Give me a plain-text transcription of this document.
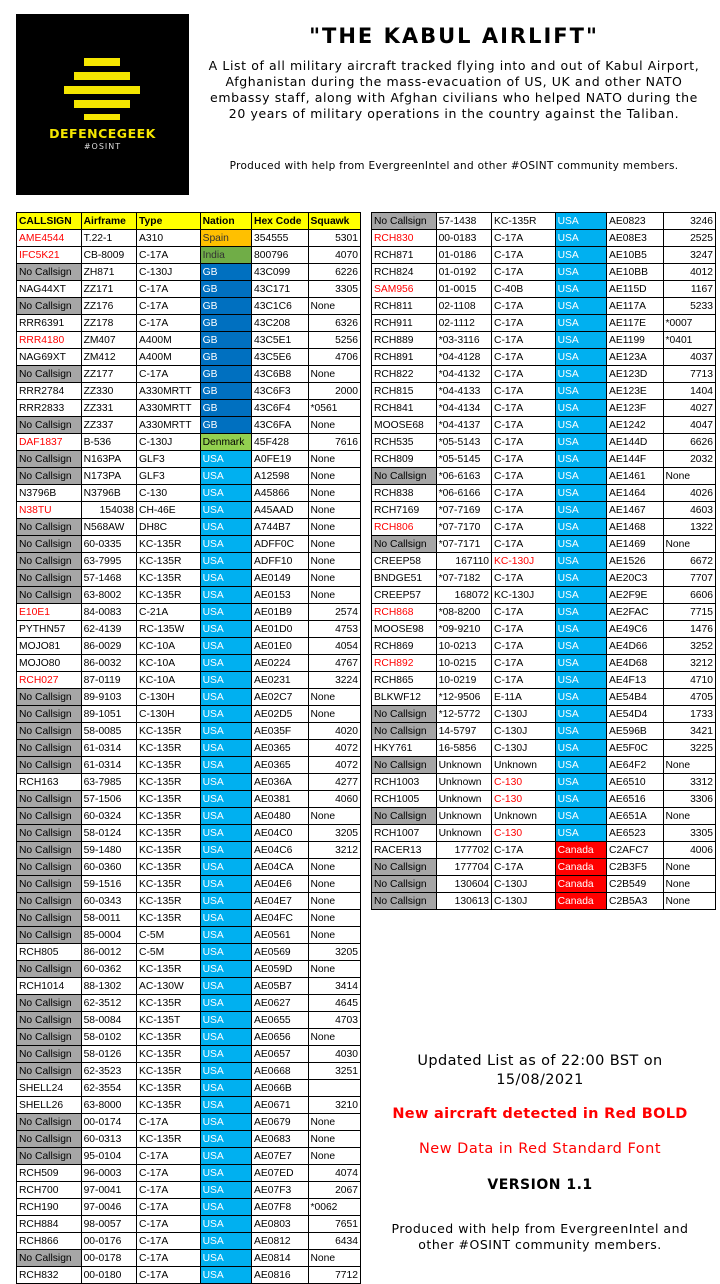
DEFENCEGEEK
#OSINT
"THE KABUL AIRLIFT"
A List of all military aircraft tracked flying into and out of Kabul Airport, Afghanistan during the mass-evacuation of US, UK and other NATO embassy staff, along with Afghan civilians who helped NATO during the 20 years of military operations in the country against the Taliban.
Produced with help from EvergreenIntel and other #OSINT community members.
CALLSIGN	Airframe	Type	Nation	Hex Code	Squawk
AME4544	T.22-1	A310	Spain	354555	5301
IFC5K21	CB-8009	C-17A	India	800796	4070
No Callsign	ZH871	C-130J	GB	43C099	6226
NAG44XT	ZZ171	C-17A	GB	43C171	3305
No Callsign	ZZ176	C-17A	GB	43C1C6	None
RRR6391	ZZ178	C-17A	GB	43C208	6326
RRR4180	ZM407	A400M	GB	43C5E1	5256
NAG69XT	ZM412	A400M	GB	43C5E6	4706
No Callsign	ZZ177	C-17A	GB	43C6B8	None
RRR2784	ZZ330	A330MRTT	GB	43C6F3	2000
RRR2833	ZZ331	A330MRTT	GB	43C6F4	*0561
No Callsign	ZZ337	A330MRTT	GB	43C6FA	None
DAF1837	B-536	C-130J	Denmark	45F428	7616
No Callsign	N163PA	GLF3	USA	A0FE19	None
No Callsign	N173PA	GLF3	USA	A12598	None
N3796B	N3796B	C-130	USA	A45866	None
N38TU	154038	CH-46E	USA	A45AAD	None
No Callsign	N568AW	DH8C	USA	A744B7	None
No Callsign	60-0335	KC-135R	USA	ADFF0C	None
No Callsign	63-7995	KC-135R	USA	ADFF10	None
No Callsign	57-1468	KC-135R	USA	AE0149	None
No Callsign	63-8002	KC-135R	USA	AE0153	None
E10E1	84-0083	C-21A	USA	AE01B9	2574
PYTHN57	62-4139	RC-135W	USA	AE01D0	4753
MOJO81	86-0029	KC-10A	USA	AE01E0	4054
MOJO80	86-0032	KC-10A	USA	AE0224	4767
RCH027	87-0119	KC-10A	USA	AE0231	3224
No Callsign	89-9103	C-130H	USA	AE02C7	None
No Callsign	89-1051	C-130H	USA	AE02D5	None
No Callsign	58-0085	KC-135R	USA	AE035F	4020
No Callsign	61-0314	KC-135R	USA	AE0365	4072
No Callsign	61-0314	KC-135R	USA	AE0365	4072
RCH163	63-7985	KC-135R	USA	AE036A	4277
No Callsign	57-1506	KC-135R	USA	AE0381	4060
No Callsign	60-0324	KC-135R	USA	AE0480	None
No Callsign	58-0124	KC-135R	USA	AE04C0	3205
No Callsign	59-1480	KC-135R	USA	AE04C6	3212
No Callsign	60-0360	KC-135R	USA	AE04CA	None
No Callsign	59-1516	KC-135R	USA	AE04E6	None
No Callsign	60-0343	KC-135R	USA	AE04E7	None
No Callsign	58-0011	KC-135R	USA	AE04FC	None
No Callsign	85-0004	C-5M	USA	AE0561	None
RCH805	86-0012	C-5M	USA	AE0569	3205
No Callsign	60-0362	KC-135R	USA	AE059D	None
RCH1014	88-1302	AC-130W	USA	AE05B7	3414
No Callsign	62-3512	KC-135R	USA	AE0627	4645
No Callsign	58-0084	KC-135T	USA	AE0655	4703
No Callsign	58-0102	KC-135R	USA	AE0656	None
No Callsign	58-0126	KC-135R	USA	AE0657	4030
No Callsign	62-3523	KC-135R	USA	AE0668	3251
SHELL24	62-3554	KC-135R	USA	AE066B	
SHELL26	63-8000	KC-135R	USA	AE0671	3210
No Callsign	00-0174	C-17A	USA	AE0679	None
No Callsign	60-0313	KC-135R	USA	AE0683	None
No Callsign	95-0104	C-17A	USA	AE07E7	None
RCH509	96-0003	C-17A	USA	AE07ED	4074
RCH700	97-0041	C-17A	USA	AE07F3	2067
RCH190	97-0046	C-17A	USA	AE07F8	*0062
RCH884	98-0057	C-17A	USA	AE0803	7651
RCH866	00-0176	C-17A	USA	AE0812	6434
No Callsign	00-0178	C-17A	USA	AE0814	None
RCH832	00-0180	C-17A	USA	AE0816	7712
No Callsign	57-1438	KC-135R	USA	AE0823	3246
RCH830	00-0183	C-17A	USA	AE08E3	2525
RCH871	01-0186	C-17A	USA	AE10B5	3247
RCH824	01-0192	C-17A	USA	AE10BB	4012
SAM956	01-0015	C-40B	USA	AE115D	1167
RCH811	02-1108	C-17A	USA	AE117A	5233
RCH911	02-1112	C-17A	USA	AE117E	*0007
RCH889	*03-3116	C-17A	USA	AE1199	*0401
RCH891	*04-4128	C-17A	USA	AE123A	4037
RCH822	*04-4132	C-17A	USA	AE123D	7713
RCH815	*04-4133	C-17A	USA	AE123E	1404
RCH841	*04-4134	C-17A	USA	AE123F	4027
MOOSE68	*04-4137	C-17A	USA	AE1242	4047
RCH535	*05-5143	C-17A	USA	AE144D	6626
RCH809	*05-5145	C-17A	USA	AE144F	2032
No Callsign	*06-6163	C-17A	USA	AE1461	None
RCH838	*06-6166	C-17A	USA	AE1464	4026
RCH7169	*07-7169	C-17A	USA	AE1467	4603
RCH806	*07-7170	C-17A	USA	AE1468	1322
No Callsign	*07-7171	C-17A	USA	AE1469	None
CREEP58	167110	KC-130J	USA	AE1526	6672
BNDGE51	*07-7182	C-17A	USA	AE20C3	7707
CREEP57	168072	KC-130J	USA	AE2F9E	6606
RCH868	*08-8200	C-17A	USA	AE2FAC	7715
MOOSE98	*09-9210	C-17A	USA	AE49C6	1476
RCH869	10-0213	C-17A	USA	AE4D66	3252
RCH892	10-0215	C-17A	USA	AE4D68	3212
RCH865	10-0219	C-17A	USA	AE4F13	4710
BLKWF12	*12-9506	E-11A	USA	AE54B4	4705
No Callsign	*12-5772	C-130J	USA	AE54D4	1733
No Callsign	14-5797	C-130J	USA	AE596B	3421
HKY761	16-5856	C-130J	USA	AE5F0C	3225
No Callsign	Unknown	Unknown	USA	AE64F2	None
RCH1003	Unknown	C-130	USA	AE6510	3312
RCH1005	Unknown	C-130	USA	AE6516	3306
No Callsign	Unknown	Unknown	USA	AE651A	None
RCH1007	Unknown	C-130	USA	AE6523	3305
RACER13	177702	C-17A	Canada	C2AFC7	4006
No Callsign	177704	C-17A	Canada	C2B3F5	None
No Callsign	130604	C-130J	Canada	C2B549	None
No Callsign	130613	C-130J	Canada	C2B5A3	None
Updated List as of 22:00 BST on 15/08/2021
New aircraft detected in Red BOLD
New Data in Red Standard Font
VERSION 1.1
Produced with help from EvergreenIntel and other #OSINT community members.
